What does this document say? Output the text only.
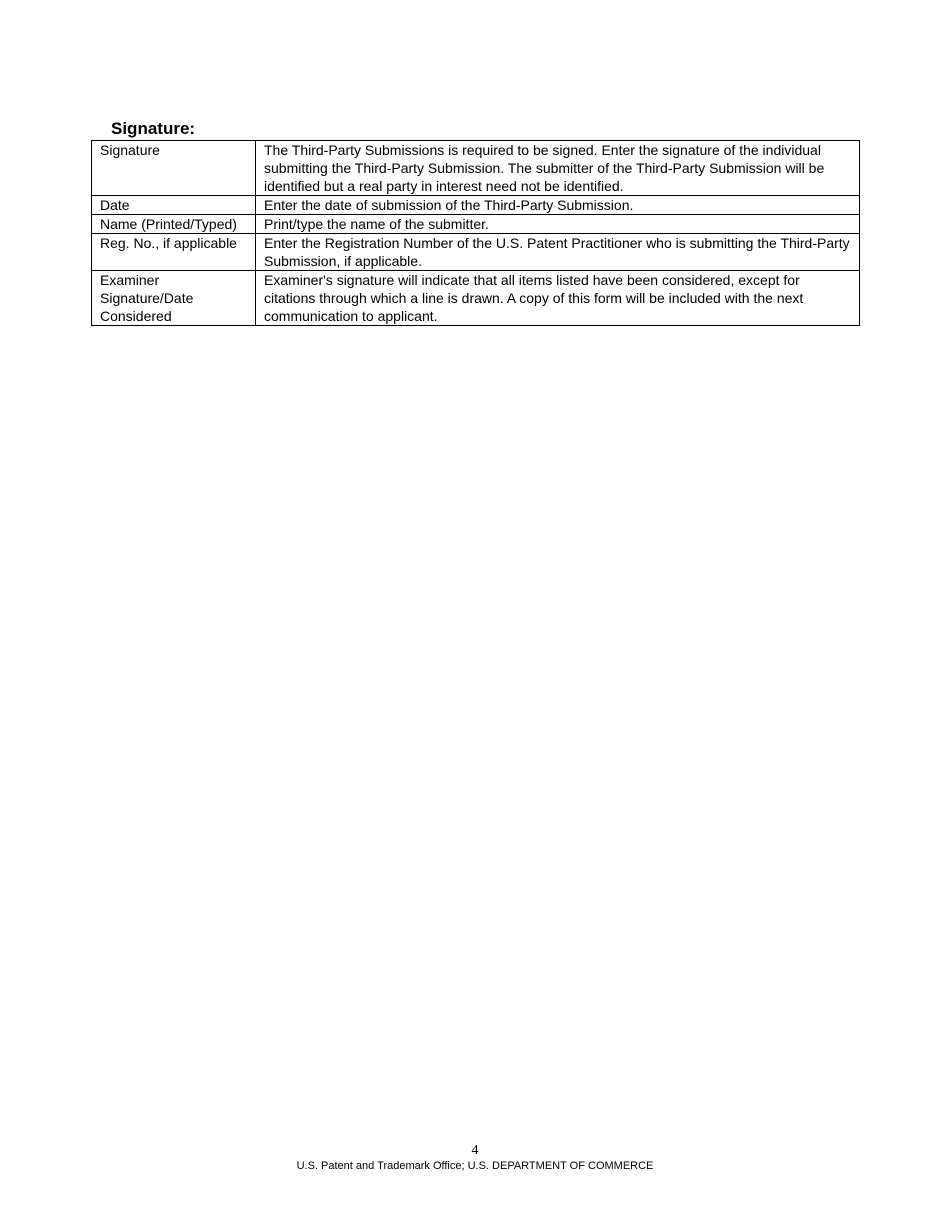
Signature:
Signature	The Third-Party Submissions is required to be signed. Enter the signature of the individual submitting the Third-Party Submission. The submitter of the Third-Party Submission will be identified but a real party in interest need not be identified.
Date	Enter the date of submission of the Third-Party Submission.
Name (Printed/Typed)	Print/type the name of the submitter.
Reg. No., if applicable	Enter the Registration Number of the U.S. Patent Practitioner who is submitting the Third-Party Submission, if applicable.
Examiner Signature/Date Considered	Examiner's signature will indicate that all items listed have been considered, except for citations through which a line is drawn. A copy of this form will be included with the next communication to applicant.
4
U.S. Patent and Trademark Office; U.S. DEPARTMENT OF COMMERCE
